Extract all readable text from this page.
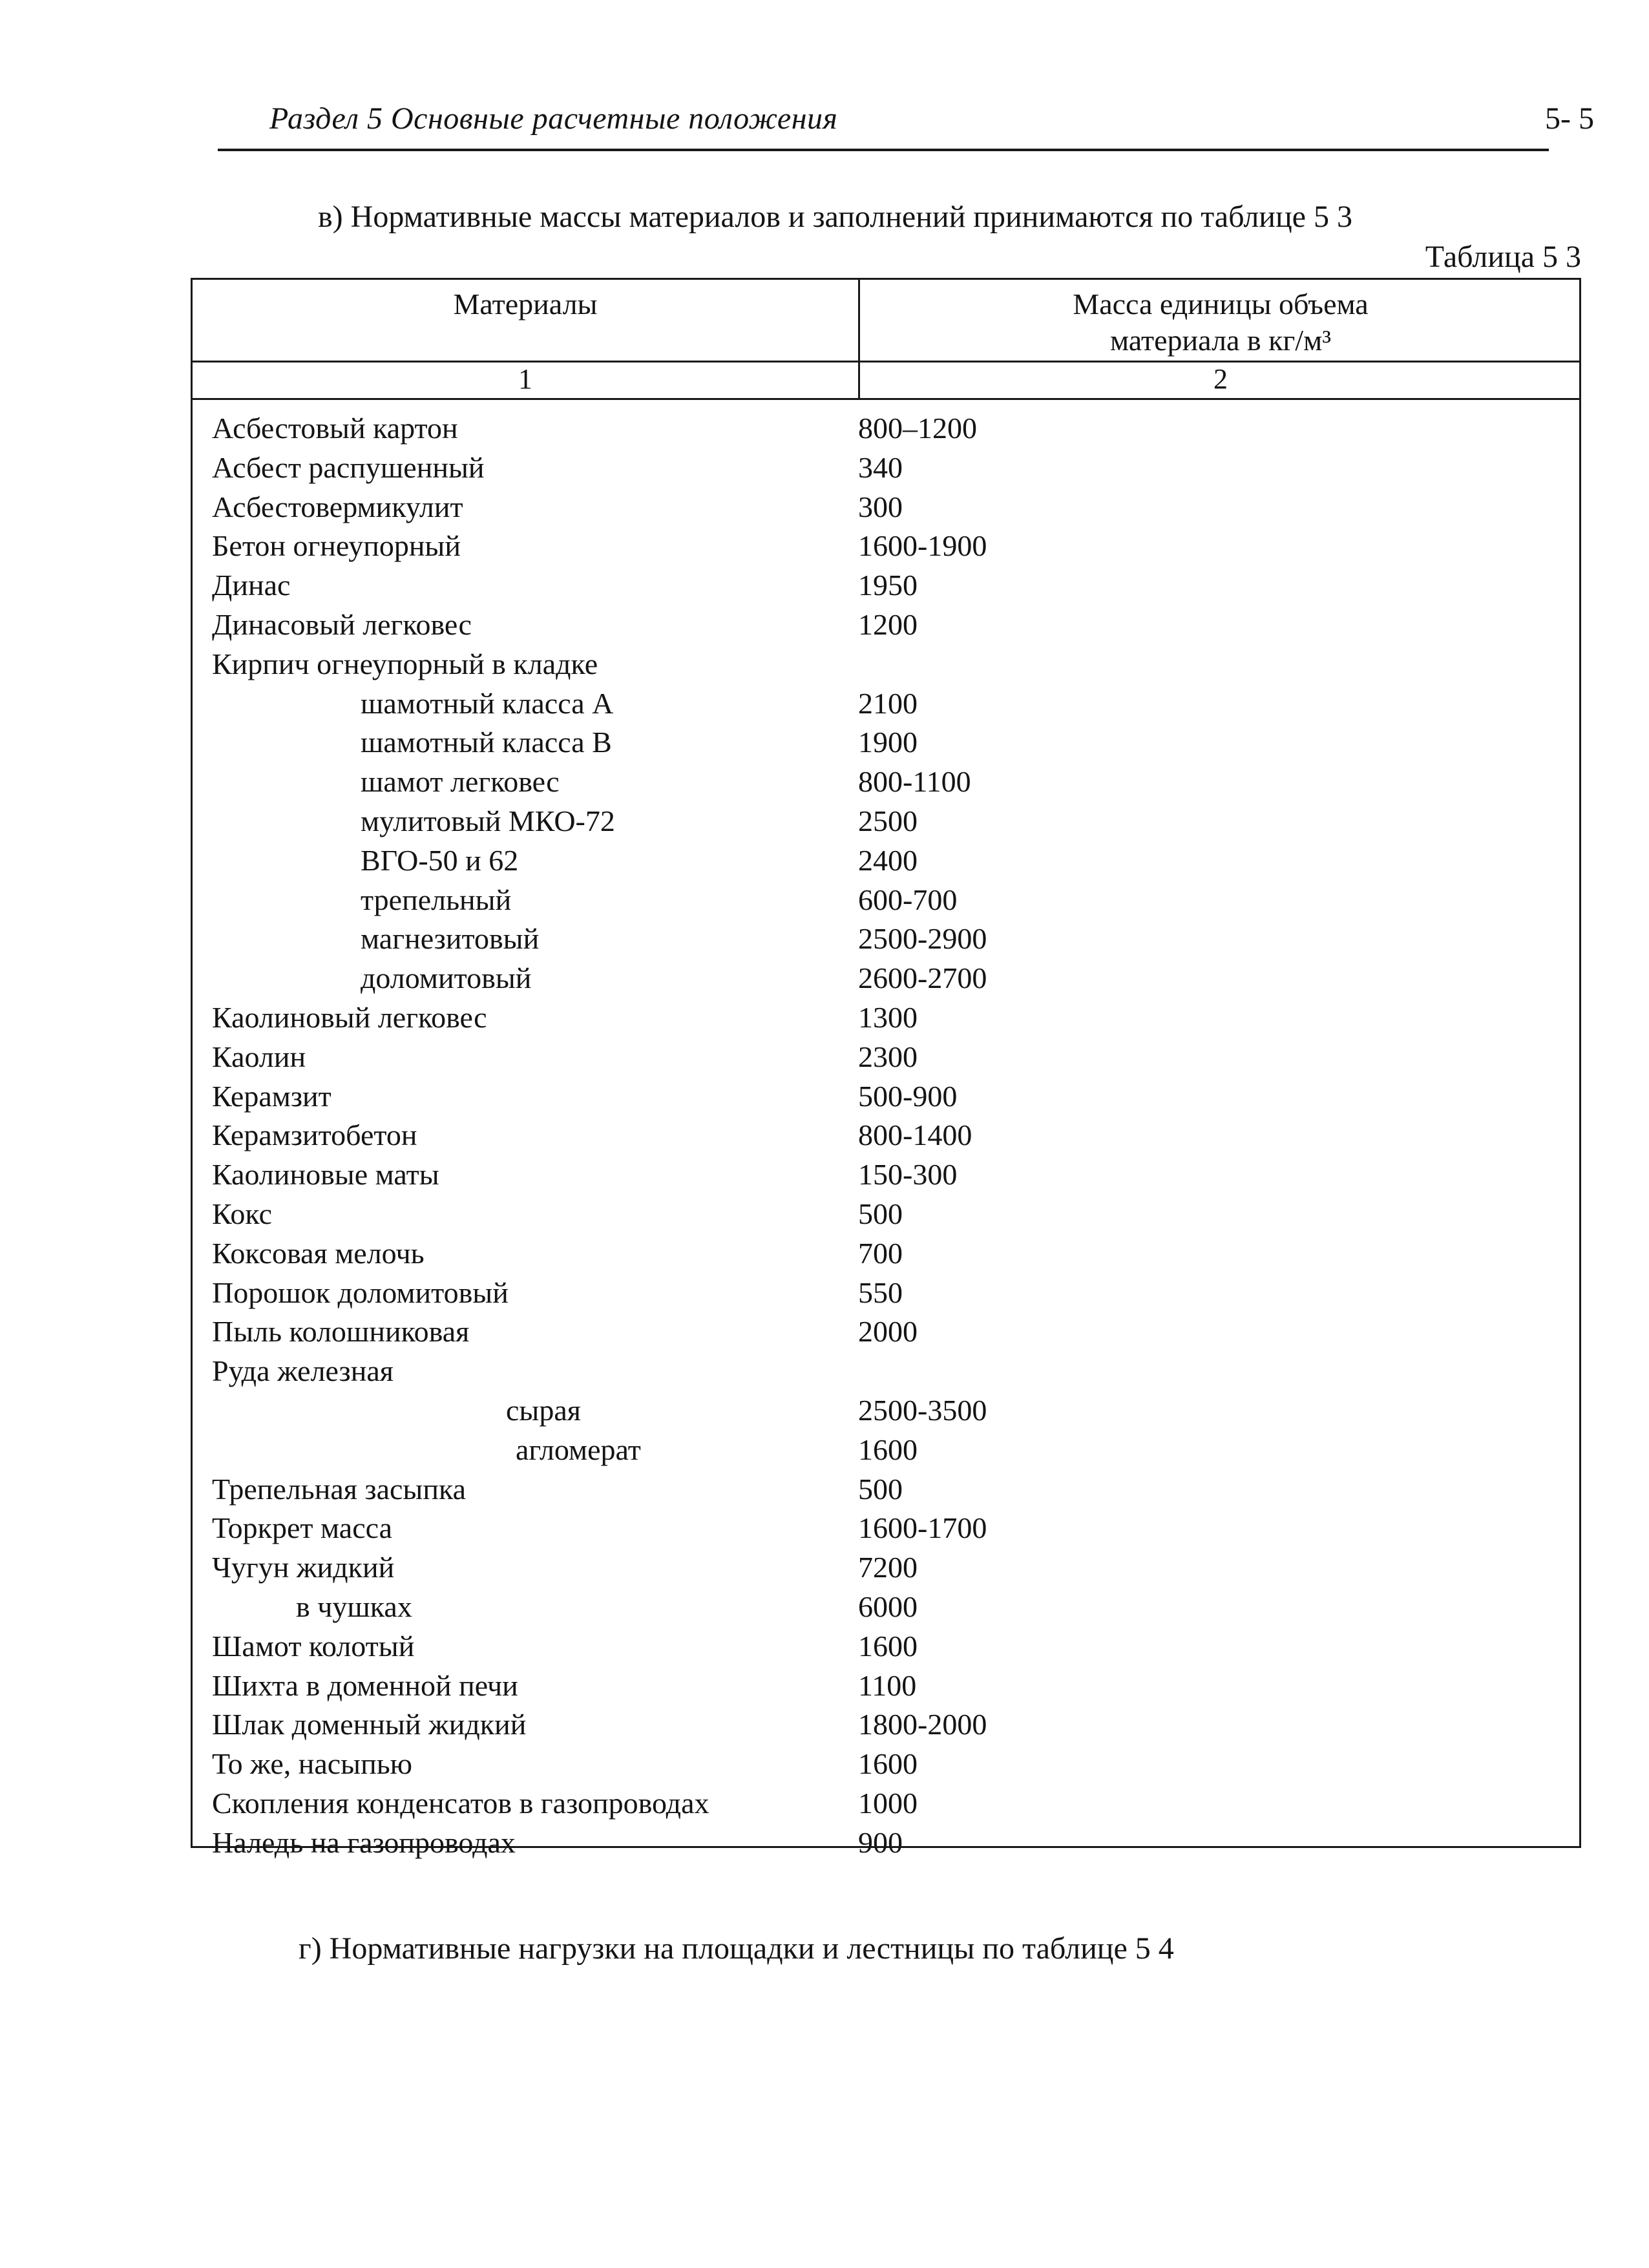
Раздел 5 Основные расчетные положения	5- 5
в) Нормативные массы материалов и заполнений принимаются по таблице 5 3
Таблица 5 3
Материалы	Масса единицы объема
материала в кг/м³
1	2
Асбестовый картон	800–1200
Асбест распушенный	340
Асбестовермикулит	300
Бетон огнеупорный	1600-1900
Динас	1950
Динасовый легковес	1200
Кирпич огнеупорный в кладке
шамотный класса А	2100
шамотный класса В	1900
шамот легковес	800-1100
мулитовый МКО-72	2500
ВГО-50 и 62	2400
трепельный	600-700
магнезитовый	2500-2900
доломитовый	2600-2700
Каолиновый легковес	1300
Каолин	2300
Керамзит	500-900
Керамзитобетон	800-1400
Каолиновые маты	150-300
Кокс	500
Коксовая мелочь	700
Порошок доломитовый	550
Пыль колошниковая	2000
Руда железная
сырая	2500-3500
агломерат	1600
Трепельная засыпка	500
Торкрет масса	1600-1700
Чугун жидкий	7200
в чушках	6000
Шамот колотый	1600
Шихта в доменной печи	1100
Шлак доменный жидкий	1800-2000
То же, насыпью	1600
Скопления конденсатов в газопроводах	1000
Наледь на газопроводах	900
г) Нормативные нагрузки на площадки и лестницы по таблице 5 4
